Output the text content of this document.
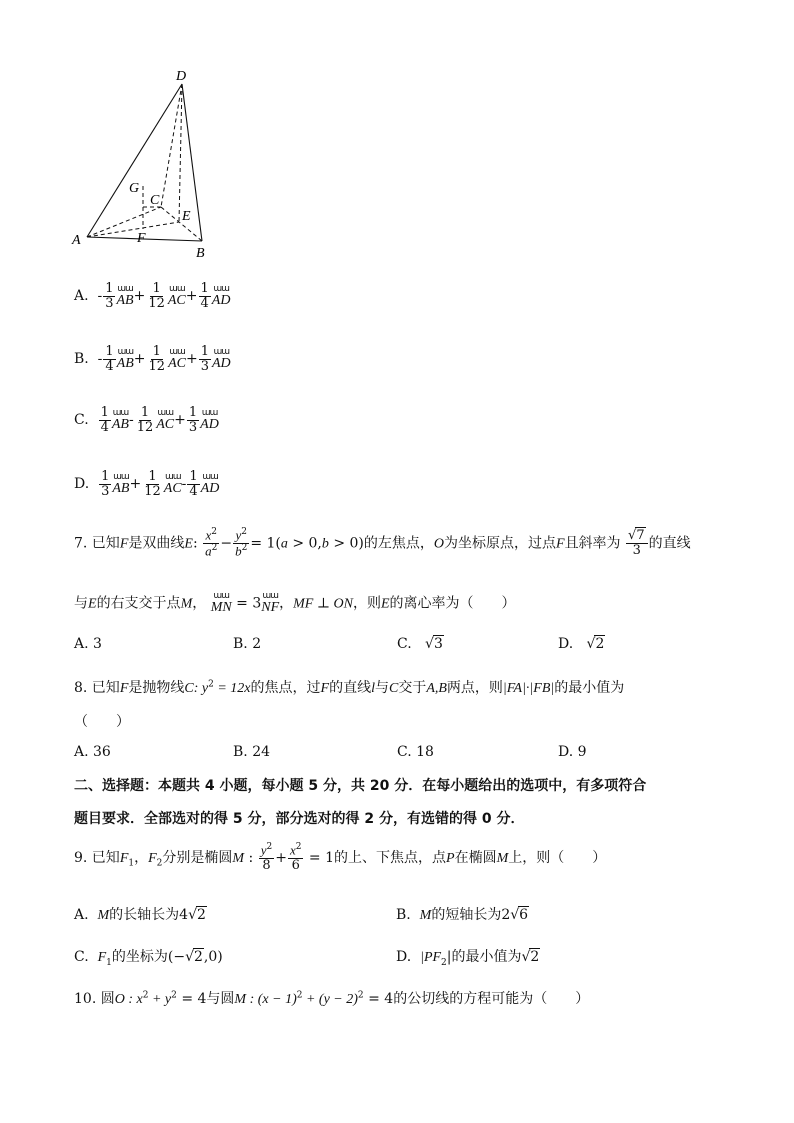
D
G
C
E
A	F
B
A. - $\frac{1}{3}$ ɯɯ
AB + $\frac{1}{12}$ ɯɯ
AC + $\frac{1}{4}$ ɯɯ
AD
B. - $\frac{1}{4}$ ɯɯ
AB + $\frac{1}{12}$ ɯɯ
AC + $\frac{1}{3}$ ɯɯ
AD
C. $\frac{1}{4}$ ɯɯ
AB - $\frac{1}{12}$ ɯɯ
AC + $\frac{1}{3}$ ɯɯ
AD
D. $\frac{1}{3}$ ɯɯ
AB + $\frac{1}{12}$ ɯɯ
AC - $\frac{1}{4}$ ɯɯ
AD
7. 已知F是双曲线E: $\frac{x^2}{a^2} - \frac{y^2}{b^2} = 1(a > 0,b > 0)$的左焦点，O为坐标原点，过点F且斜率为 $\frac{√7}{3}$ 的直线
与E的右支交于点M， ɯɯ
MN = 3 ɯɯ
NF ，MF ⊥ ON，则E的离心率为（　　）
A. 3	B. 2	C.   √3	D.   √2
8. 已知F是抛物线C: $y^2 = 12x$的焦点，过F的直线l与C交于A,B两点，则|FA|·|FB|的最小值为
（　　）
A. 36	B. 24	C. 18	D. 9
二、选择题：本题共 4 小题，每小题 5 分，共 20 分．在每小题给出的选项中，有多项符合
题目要求．全部选对的得 5 分，部分选对的得 2 分，有选错的得 0 分．
9. 已知$F_1$，$F_2$分别是椭圆M : $\frac{y^2}{8} + \frac{x^2}{6} = 1$的上、下焦点，点P在椭圆M上，则（　　）
A. M的长轴长为4√2	B. M的短轴长为2√6
C. $F_1$的坐标为(−√2,0)	D. $|PF_2|$的最小值为√2
10. 圆O : $x^2 + y^2 = 4$与圆M : $(x - 1)^2 + (y - 2)^2 = 4$的公切线的方程可能为（　　）
